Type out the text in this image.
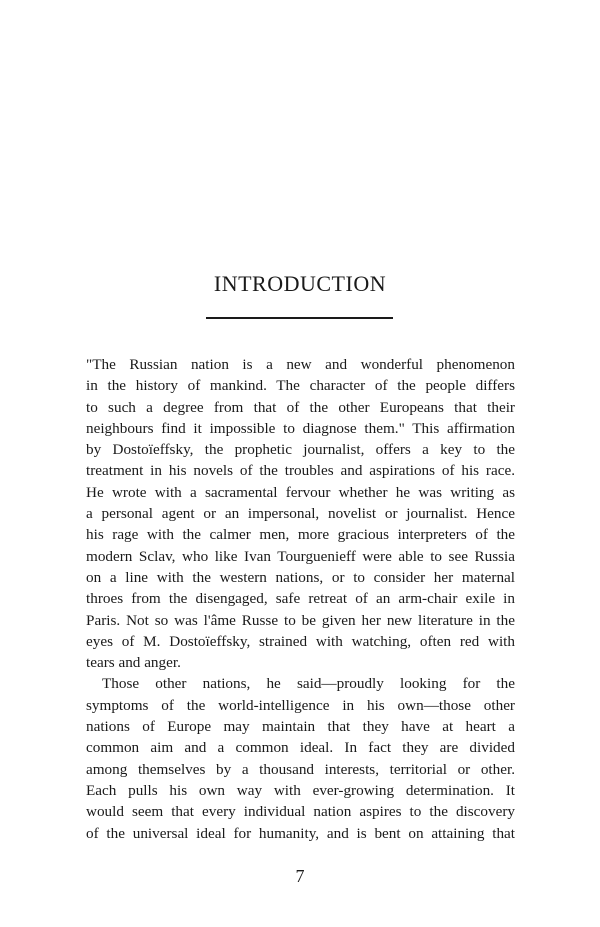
INTRODUCTION

"The Russian nation is a new and wonderful phenomenon
in the history of mankind. The character of the people differs
to such a degree from that of the other Europeans that their
neighbours find it impossible to diagnose them." This affirmation
by Dostoïeffsky, the prophetic journalist, offers a key to the
treatment in his novels of the troubles and aspirations of his race.
He wrote with a sacramental fervour whether he was writing as
a personal agent or an impersonal, novelist or journalist. Hence
his rage with the calmer men, more gracious interpreters of the
modern Sclav, who like Ivan Tourguenieff were able to see Russia
on a line with the western nations, or to consider her maternal
throes from the disengaged, safe retreat of an arm-chair exile in
Paris. Not so was l'âme Russe to be given her new literature in the
eyes of M. Dostoïeffsky, strained with watching, often red with
tears and anger.

Those other nations, he said—proudly looking for the
symptoms of the world-intelligence in his own—those other
nations of Europe may maintain that they have at heart a
common aim and a common ideal. In fact they are divided
among themselves by a thousand interests, territorial or other.
Each pulls his own way with ever-growing determination. It
would seem that every individual nation aspires to the discovery
of the universal ideal for humanity, and is bent on attaining that

7
